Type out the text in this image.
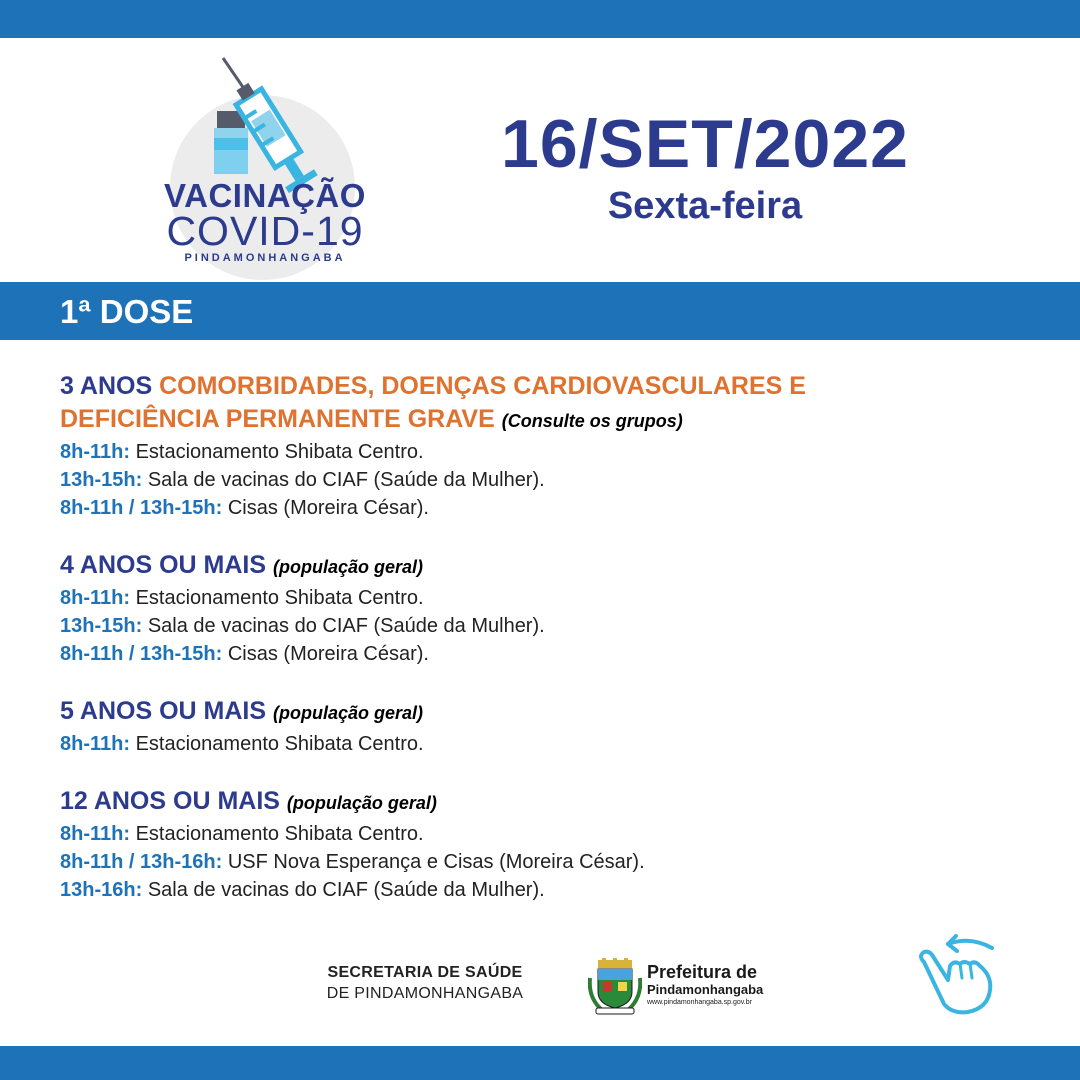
VACINAÇÃO
COVID-19
PINDAMONHANGABA
16/SET/2022
Sexta-feira
1ª DOSE
3 ANOS COMORBIDADES, DOENÇAS CARDIOVASCULARES E
DEFICIÊNCIA PERMANENTE GRAVE (Consulte os grupos)
8h-11h: Estacionamento Shibata Centro.
13h-15h: Sala de vacinas do CIAF (Saúde da Mulher).
8h-11h / 13h-15h: Cisas (Moreira César).
4 ANOS OU MAIS (população geral)
8h-11h: Estacionamento Shibata Centro.
13h-15h: Sala de vacinas do CIAF (Saúde da Mulher).
8h-11h / 13h-15h: Cisas (Moreira César).
5 ANOS OU MAIS (população geral)
8h-11h: Estacionamento Shibata Centro.
12 ANOS OU MAIS (população geral)
8h-11h: Estacionamento Shibata Centro.
8h-11h / 13h-16h: USF Nova Esperança e Cisas (Moreira César).
13h-16h: Sala de vacinas do CIAF (Saúde da Mulher).
SECRETARIA DE SAÚDE
DE PINDAMONHANGABA
Prefeitura de
Pindamonhangaba
www.pindamonhangaba.sp.gov.br
